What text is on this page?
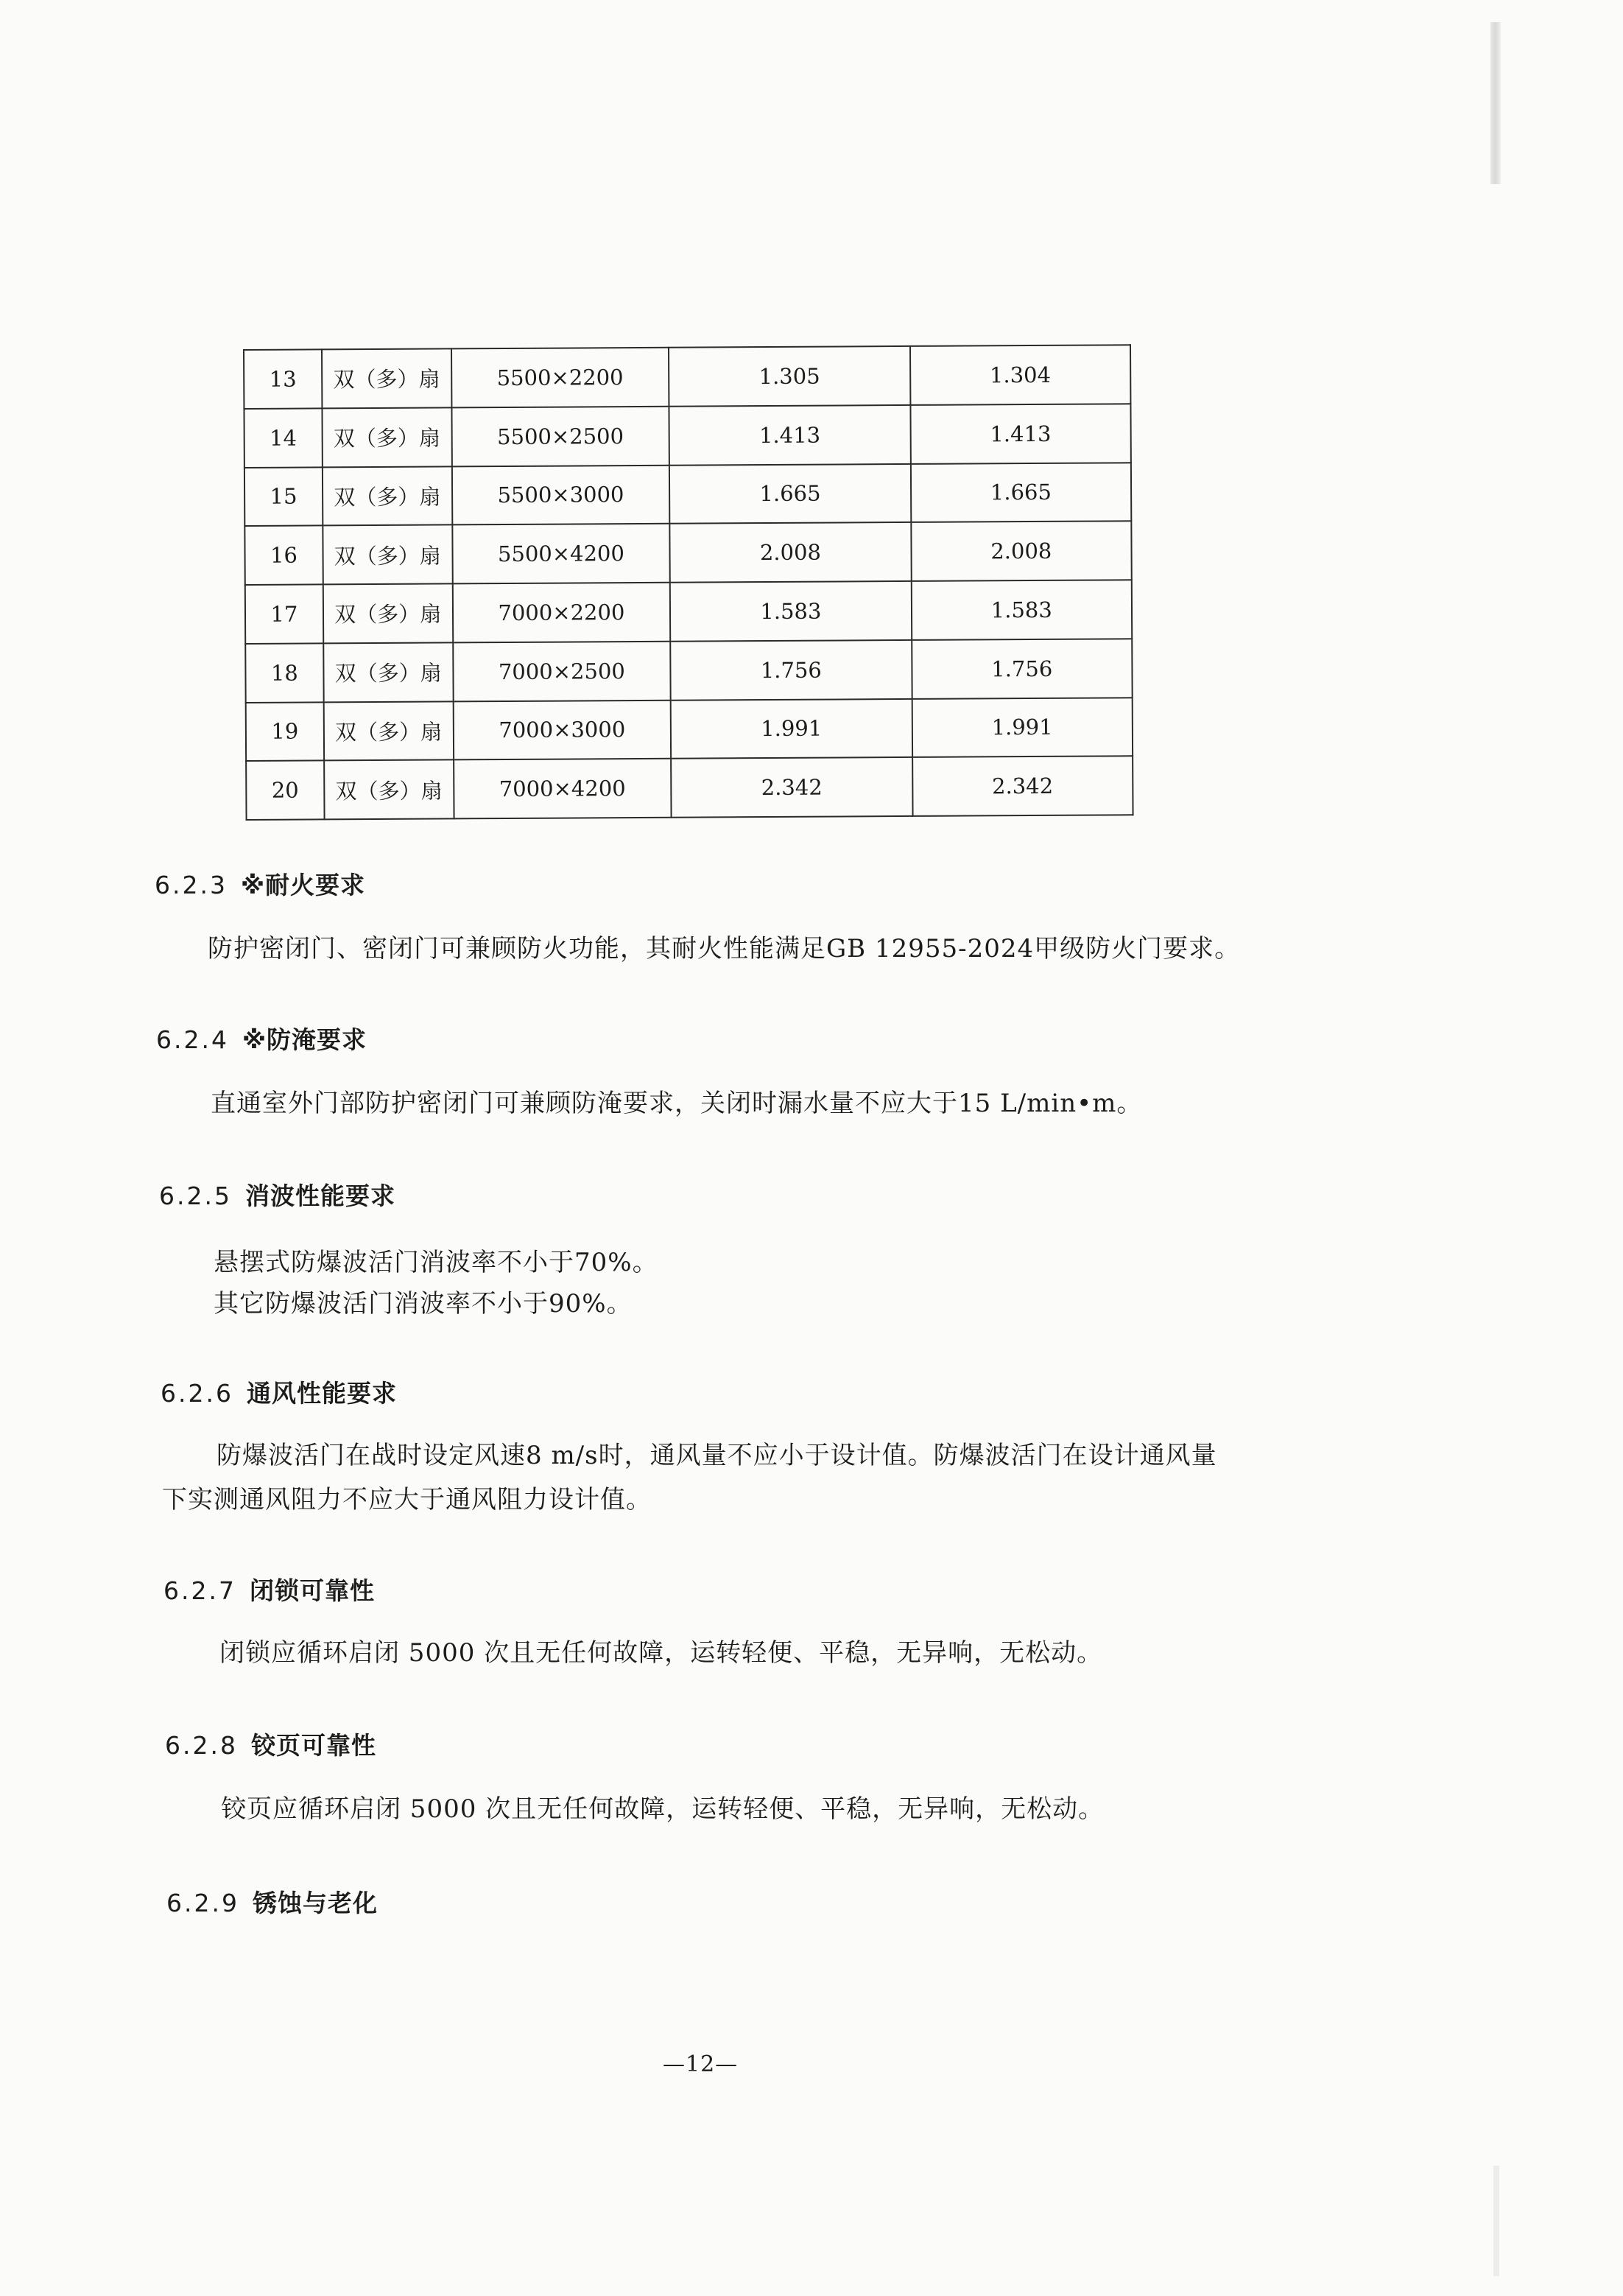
13	双（多）扇	5500×2200	1.305	1.304
14	双（多）扇	5500×2500	1.413	1.413
15	双（多）扇	5500×3000	1.665	1.665
16	双（多）扇	5500×4200	2.008	2.008
17	双（多）扇	7000×2200	1.583	1.583
18	双（多）扇	7000×2500	1.756	1.756
19	双（多）扇	7000×3000	1.991	1.991
20	双（多）扇	7000×4200	2.342	2.342
6.2.3 ※耐火要求
防护密闭门、密闭门可兼顾防火功能，其耐火性能满足GB 12955-2024甲级防火门要求。
6.2.4 ※防淹要求
直通室外门部防护密闭门可兼顾防淹要求，关闭时漏水量不应大于15 L/min•m。
6.2.5 消波性能要求
悬摆式防爆波活门消波率不小于70%。
其它防爆波活门消波率不小于90%。
6.2.6 通风性能要求
防爆波活门在战时设定风速8 m/s时，通风量不应小于设计值。防爆波活门在设计通风量
下实测通风阻力不应大于通风阻力设计值。
6.2.7 闭锁可靠性
闭锁应循环启闭 5000 次且无任何故障，运转轻便、平稳，无异响，无松动。
6.2.8 铰页可靠性
铰页应循环启闭 5000 次且无任何故障，运转轻便、平稳，无异响，无松动。
6.2.9 锈蚀与老化
—12—
